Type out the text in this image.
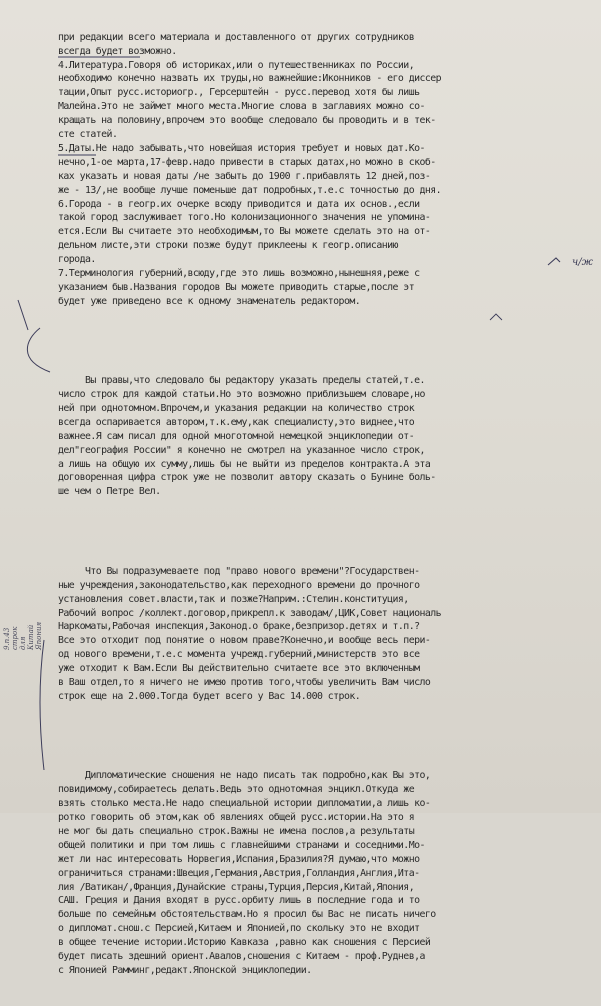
при редакции всего материала и доставленного от других сотрудников
всегда будет возможно.
4.Литература.Говоря об историках,или о путешественниках по России,
необходимо конечно назвать их труды,но важнейшие:Иконников - его диссер
тации,Опыт русс.историогр., Герсерштейн - русс.перевод хотя бы лишь
Малейна.Это не займет много места.Многие слова в заглавиях можно со-
кращать на половину,впрочем это вообще следовало бы проводить и в тек-
сте статей.
5.Даты.Не надо забывать,что новейшая история требует и новых дат.Ко-
нечно,1-ое марта,17-февр.надо привести в старых датах,но можно в скоб-
ках указать и новая даты /не забыть до 1900 г.прибавлять 12 дней,поз-
же - 13/,не вообще лучше поменьше дат подробных,т.е.с точностью до дня.
6.Города - в геогр.их очерке всюду приводится и дата их основ.,если
такой город заслуживает того.Но колонизационного значения не упомина-
ется.Если Вы считаете это необходимым,то Вы можете сделать это на от-
дельном листе,эти строки позже будут приклеены к геогр.описанию
города.
7.Терминология губерний,всюду,где это лишь возможно,нынешняя,реже с
указанием быв.Названия городов Вы можете приводить старые,после эт
будет уже приведено все к одному знаменатель редактором.

Вы правы,что следовало бы редактору указать пределы статей,т.е.
число строк для каждой статьи.Но это возможно приблизьшем словаре,но
ней при однотомном.Впрочем,и указания редакции на количество строк
всегда оспаривается автором,т.к.ему,как специалисту,это виднее,что
важнее.Я сам писал для одной многотомной немецкой энциклопедии от-
дел"география России" я конечно не смотрел на указанное число строк,
а лишь на общую их сумму,лишь бы не выйти из пределов контракта.А эта
договоренная цифра строк уже не позволит автору сказать о Бунине боль-
ше чем о Петре Вел.

Что Вы подразумеваете под "право нового времени"?Государствен-
ные учреждения,законодательство,как переходного времени до прочного
установления совет.власти,так и позже?Наприм.:Стелин.конституция,
Рабочий вопрос /коллект.договор,прикрепл.к заводам/,ЦИК,Совет националь
Наркоматы,Рабочая инспекция,Законод.о браке,безпризор.детях и т.п.?
Все это отходит под понятие о новом праве?Конечно,и вообще весь пери-
од нового времени,т.е.с момента учрежд.губерний,министерств это все
уже отходит к Вам.Если Вы действительно считаете все это включенным
в Ваш отдел,то я ничего не имею против того,чтобы увеличить Вам число
строк еще на 2.000.Тогда будет всего у Вас 14.000 строк.

Дипломатические сношения не надо писать так подробно,как Вы это,
повидимому,собираетесь делать.Ведь это однотомная энцикл.Откуда же
взять столько места.Не надо специальной истории дипломатии,а лишь ко-
ротко говорить об этом,как об явлениях общей русс.истории.На это я
не мог бы дать специально строк.Важны не имена послов,а результаты
общей политики и при том лишь с главнейшими странами и соседними.Мо-
жет ли нас интересовать Норвегия,Испания,Бразилия?Я думаю,что можно
ограничиться странами:Швеция,Германия,Австрия,Голландия,Англия,Ита-
лия /Ватикан/,Франция,Дунайские страны,Турция,Персия,Китай,Япония,
САШ. Греция и Дания входят в русс.орбиту лишь в последние года и то
больше по семейным обстоятельствам.Но я просил бы Вас не писать ничего
о дипломат.снош.с Персией,Китаем и Японией,по скольку это не входит
в общее течение истории.Историю Кавказа ,равно как сношения с Персией
будет писать здешний ориент.Авалов,сношения с Китаем - проф.Руднев,а
с Японией Рамминг,редакт.Японской энциклопедии.

9.п.43 строк для Китай Япония
ч/ж
